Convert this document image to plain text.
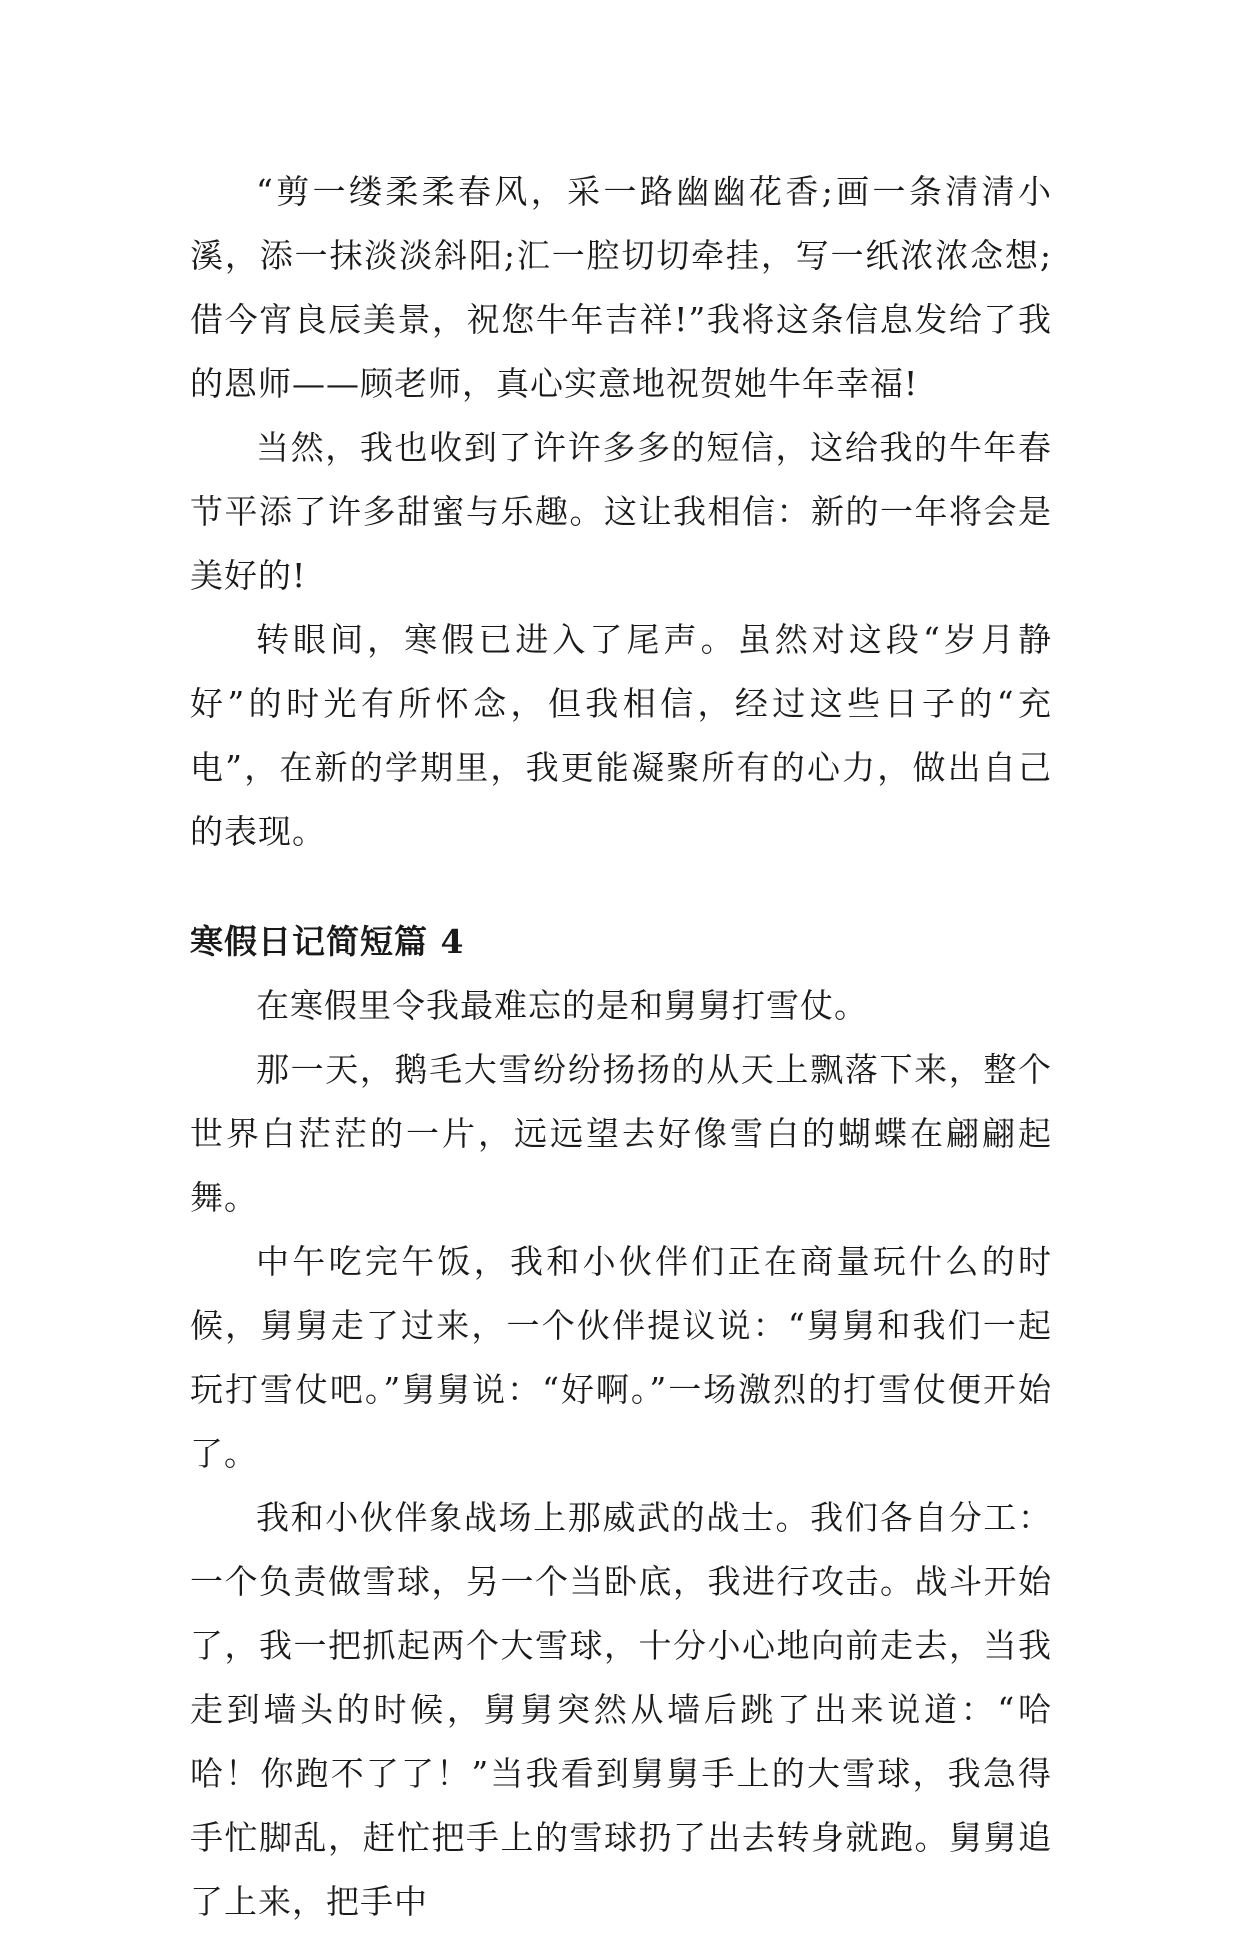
“剪一缕柔柔春风，采一路幽幽花香;画一条清清小溪，添一抹淡淡斜阳;汇一腔切切牵挂，写一纸浓浓念想;借今宵良辰美景，祝您牛年吉祥!”我将这条信息发给了我的恩师——顾老师，真心实意地祝贺她牛年幸福!

当然，我也收到了许许多多的短信，这给我的牛年春节平添了许多甜蜜与乐趣。这让我相信：新的一年将会是美好的!

转眼间，寒假已进入了尾声。虽然对这段“岁月静好”的时光有所怀念，但我相信，经过这些日子的“充电”，在新的学期里，我更能凝聚所有的心力，做出自己的表现。

寒假日记简短篇 4

在寒假里令我最难忘的是和舅舅打雪仗。

那一天，鹅毛大雪纷纷扬扬的从天上飘落下来，整个世界白茫茫的一片，远远望去好像雪白的蝴蝶在翩翩起舞。

中午吃完午饭，我和小伙伴们正在商量玩什么的时候，舅舅走了过来，一个伙伴提议说：“舅舅和我们一起玩打雪仗吧。”舅舅说：“好啊。”一场激烈的打雪仗便开始了。

我和小伙伴象战场上那威武的战士。我们各自分工：一个负责做雪球，另一个当卧底，我进行攻击。战斗开始了，我一把抓起两个大雪球，十分小心地向前走去，当我走到墙头的时候，舅舅突然从墙后跳了出来说道：“哈哈！你跑不了了！”当我看到舅舅手上的大雪球，我急得手忙脚乱，赶忙把手上的雪球扔了出去转身就跑。舅舅追了上来，把手中
